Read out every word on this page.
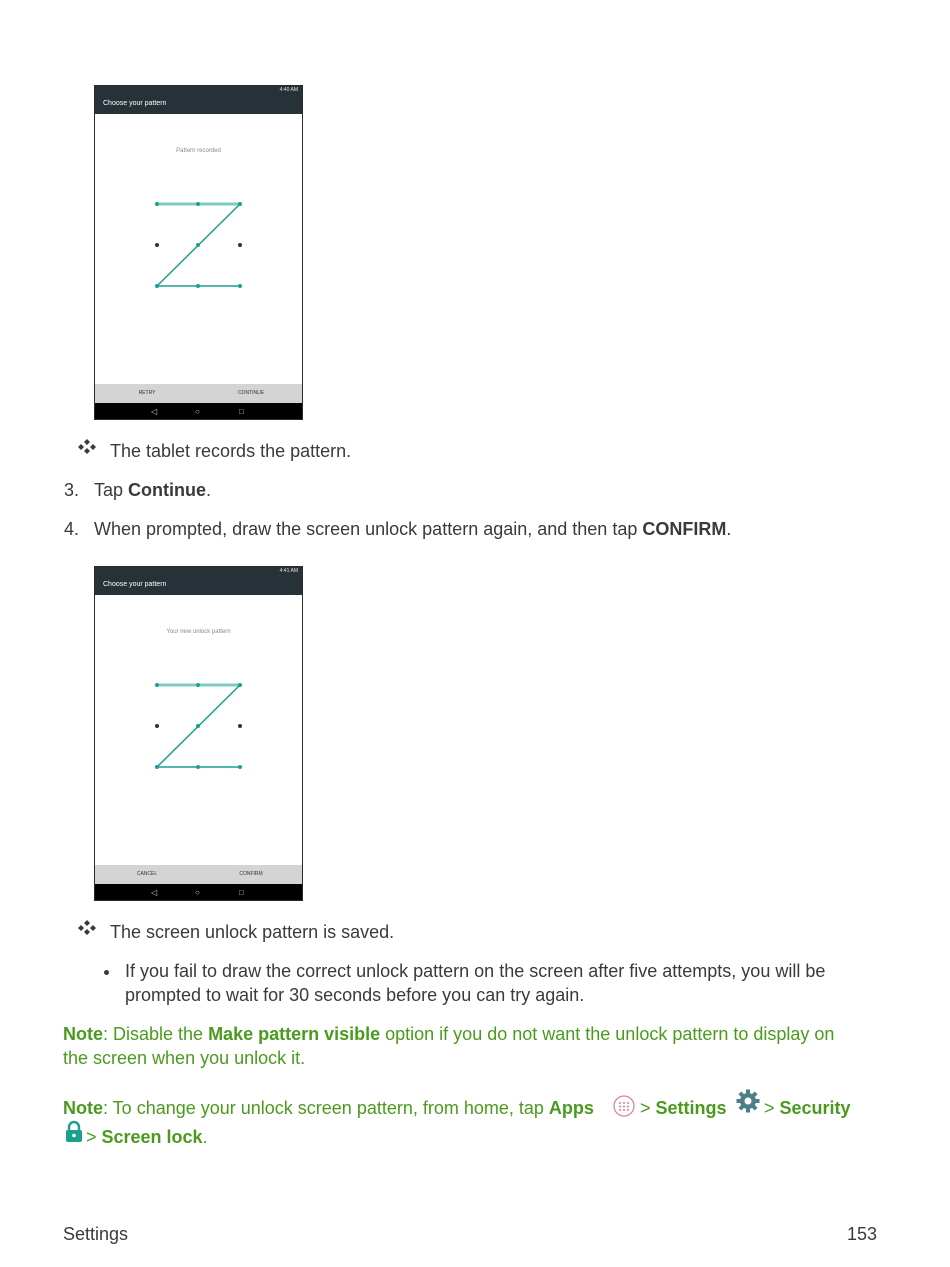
4:40 AM
Choose your pattern
Pattern recorded
RETRY	CONTINUE
◁	○	□
The tablet records the pattern.
3. Tap Continue.
4. When prompted, draw the screen unlock pattern again, and then tap CONFIRM.
4:41 AM
Choose your pattern
Your new unlock pattern
CANCEL	CONFIRM
◁	○	□
The screen unlock pattern is saved.
If you fail to draw the correct unlock pattern on the screen after five attempts, you will be
prompted to wait for 30 seconds before you can try again.
Note: Disable the Make pattern visible option if you do not want the unlock pattern to display on
the screen when you unlock it.
Note: To change your unlock screen pattern, from home, tap Apps	> Settings > Security
> Screen lock.
Settings	153
